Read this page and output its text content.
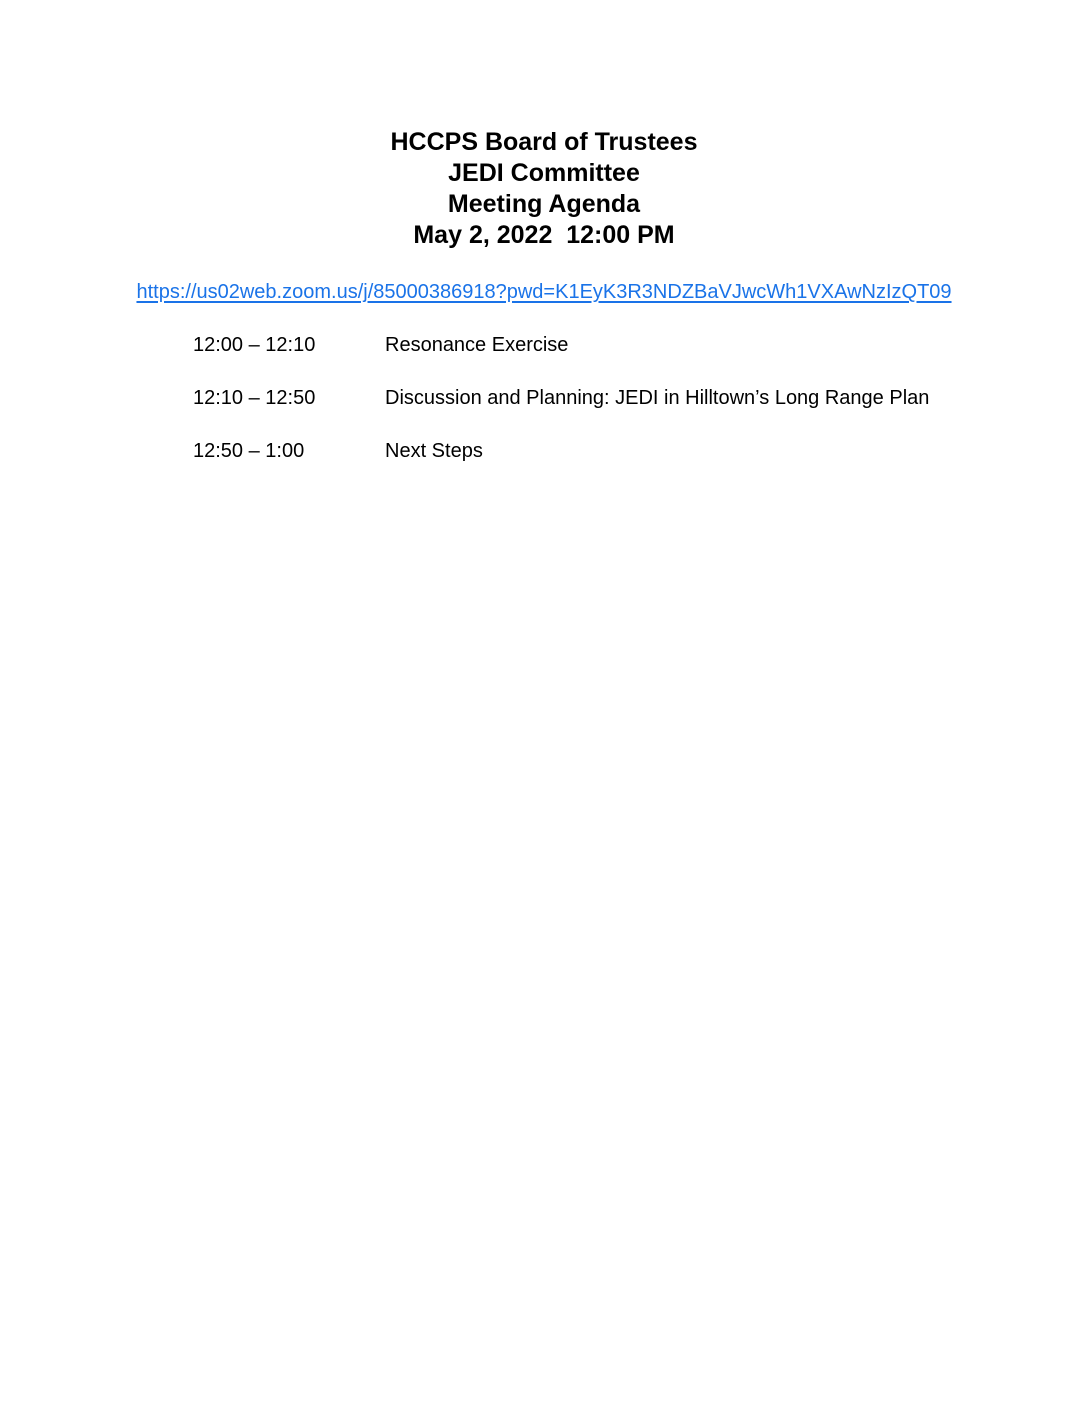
HCCPS Board of Trustees
JEDI Committee
Meeting Agenda
May 2, 2022  12:00 PM
https://us02web.zoom.us/j/85000386918?pwd=K1EyK3R3NDZBaVJwcWh1VXAwNzIzQT09
12:00 – 12:10	Resonance Exercise
12:10 – 12:50	Discussion and Planning: JEDI in Hilltown’s Long Range Plan
12:50 – 1:00	Next Steps
